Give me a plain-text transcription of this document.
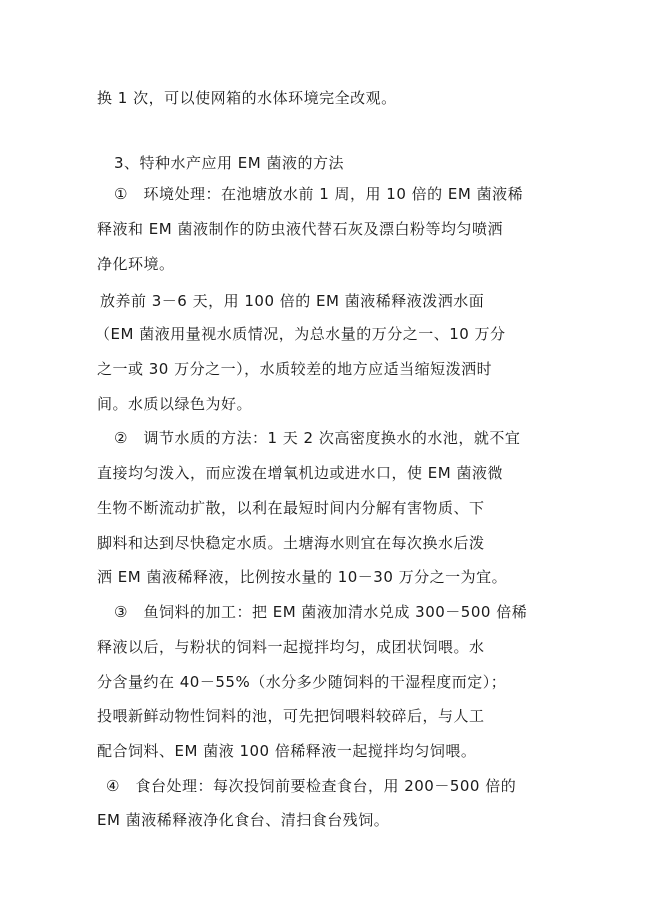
换 1 次，可以使网箱的水体环境完全改观。
3、特种水产应用 EM 菌液的方法
①　环境处理：在池塘放水前 1 周，用 10 倍的 EM 菌液稀
释液和 EM 菌液制作的防虫液代替石灰及漂白粉等均匀喷洒
净化环境。
放养前 3－6 天，用 100 倍的 EM 菌液稀释液泼洒水面
（EM 菌液用量视水质情况，为总水量的万分之一、10 万分
之一或 30 万分之一），水质较差的地方应适当缩短泼洒时
间。水质以绿色为好。
②　调节水质的方法：1 天 2 次高密度换水的水池，就不宜
直接均匀泼入，而应泼在增氧机边或进水口，使 EM 菌液微
生物不断流动扩散，以利在最短时间内分解有害物质、下
脚料和达到尽快稳定水质。土塘海水则宜在每次换水后泼
洒 EM 菌液稀释液，比例按水量的 10－30 万分之一为宜。
③　鱼饲料的加工：把 EM 菌液加清水兑成 300－500 倍稀
释液以后，与粉状的饲料一起搅拌均匀，成团状饲喂。水
分含量约在 40－55%（水分多少随饲料的干湿程度而定）；
投喂新鲜动物性饲料的池，可先把饲喂料较碎后，与人工
配合饲料、EM 菌液 100 倍稀释液一起搅拌均匀饲喂。
④　食台处理：每次投饲前要检查食台，用 200－500 倍的
EM 菌液稀释液净化食台、清扫食台残饲。
